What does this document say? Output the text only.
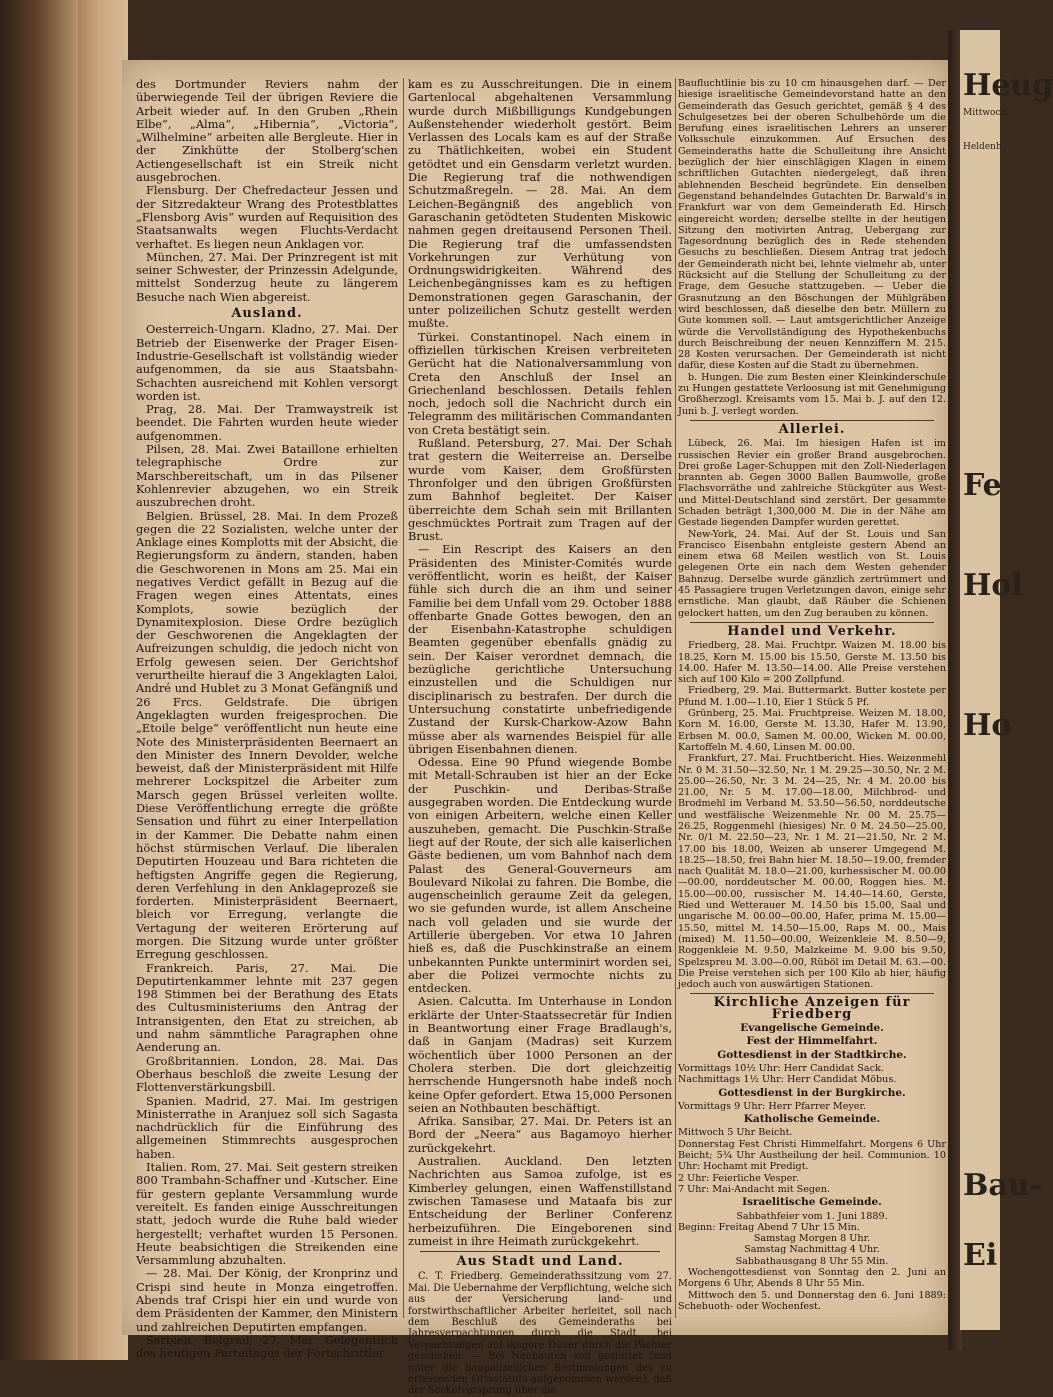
Heug
Mittwoch
Heldenh
Fe
Hol
Ho
Bau-
Ei

des Dortmunder Reviers nahm der überwiegende Teil der übrigen Reviere die Arbeit wieder auf. In den Gruben „Rhein Elbe“, „Alma“, „Hibernia“, „Victoria“, „Wilhelmine“ arbeiten alle Bergleute. Hier in der Zinkhütte der Stolberg'schen Actiengesellschaft ist ein Streik nicht ausgebrochen.

Flensburg. Der Chefredacteur Jessen und der Sitzredakteur Wrang des Protestblattes „Flensborg Avis“ wurden auf Requisition des Staatsanwalts wegen Fluchts-Verdacht verhaftet. Es liegen neun Anklagen vor.

München, 27. Mai. Der Prinzregent ist mit seiner Schwester, der Prinzessin Adelgunde, mittelst Sonderzug heute zu längerem Besuche nach Wien abgereist.

Ausland.

Oesterreich-Ungarn. Kladno, 27. Mai. Der Betrieb der Eisenwerke der Prager Eisen-Industrie-Gesellschaft ist vollständig wieder aufgenommen, da sie aus Staatsbahn-Schachten ausreichend mit Kohlen versorgt worden ist.

Prag, 28. Mai. Der Tramwaystreik ist beendet. Die Fahrten wurden heute wieder aufgenommen.

Pilsen, 28. Mai. Zwei Bataillone erhielten telegraphische Ordre zur Marschbereitschaft, um in das Pilsener Kohlenrevier abzugehen, wo ein Streik auszubrechen droht.

Belgien. Brüssel, 28. Mai. In dem Prozeß gegen die 22 Sozialisten, welche unter der Anklage eines Komplotts mit der Absicht, die Regierungsform zu ändern, standen, haben die Geschworenen in Mons am 25. Mai ein negatives Verdict gefällt in Bezug auf die Fragen wegen eines Attentats, eines Komplots, sowie bezüglich der Dynamitexplosion. Diese Ordre bezüglich der Geschworenen die Angeklagten der Aufreizungen schuldig, die jedoch nicht von Erfolg gewesen seien. Der Gerichtshof verurtheilte hierauf die 3 Angeklagten Laloi, André und Hublet zu 3 Monat Gefängniß und 26 Frcs. Geldstrafe. Die übrigen Angeklagten wurden freigesprochen. Die „Etoile belge“ veröffentlicht nun heute eine Note des Ministerpräsidenten Beernaert an den Minister des Innern Devolder, welche beweist, daß der Ministerpräsident mit Hilfe mehrerer Lockspitzel die Arbeiter zum Marsch gegen Brüssel verleiten wollte. Diese Veröffentlichung erregte die größte Sensation und führt zu einer Interpellation in der Kammer. Die Debatte nahm einen höchst stürmischen Verlauf. Die liberalen Deputirten Houzeau und Bara richteten die heftigsten Angriffe gegen die Regierung, deren Verfehlung in den Anklageprozeß sie forderten. Ministerpräsident Beernaert, bleich vor Erregung, verlangte die Vertagung der weiteren Erörterung auf morgen. Die Sitzung wurde unter größter Erregung geschlossen.

Frankreich. Paris, 27. Mai. Die Deputirtenkammer lehnte mit 237 gegen 198 Stimmen bei der Berathung des Etats des Cultusministeriums den Antrag der Intransigenten, den Etat zu streichen, ab und nahm sämmtliche Paragraphen ohne Aenderung an.

Großbritannien. London, 28. Mai. Das Oberhaus beschloß die zweite Lesung der Flottenverstärkungsbill.

Spanien. Madrid, 27. Mai. Im gestrigen Ministerrathe in Aranjuez soll sich Sagasta nachdrücklich für die Einführung des allgemeinen Stimmrechts ausgesprochen haben.

Italien. Rom, 27. Mai. Seit gestern streiken 800 Trambahn-Schaffner und -Kutscher. Eine für gestern geplante Versammlung wurde vereitelt. Es fanden einige Ausschreitungen statt, jedoch wurde die Ruhe bald wieder hergestellt; verhaftet wurden 15 Personen. Heute beabsichtigen die Streikenden eine Versammlung abzuhalten.

— 28. Mai. Der König, der Kronprinz und Crispi sind heute in Monza eingetroffen. Abends traf Crispi hier ein und wurde von dem Präsidenten der Kammer, den Ministern und zahlreichen Deputirten empfangen.

Serbien. Belgrad, 27. Mai. Gelegentlich des heutigen Parteitages der Fortschrittler

kam es zu Ausschreitungen. Die in einem Gartenlocal abgehaltenen Versammlung wurde durch Mißbilligungs Kundgebungen Außenstehender wiederholt gestört. Beim Verlassen des Locals kam es auf der Straße zu Thätlichkeiten, wobei ein Student getödtet und ein Gensdarm verletzt wurden. Die Regierung traf die nothwendigen Schutzmaßregeln. — 28. Mai. An dem Leichen-Begängniß des angeblich von Garaschanin getödteten Studenten Miskowic nahmen gegen dreitausend Personen Theil. Die Regierung traf die umfassendsten Vorkehrungen zur Verhütung von Ordnungswidrigkeiten. Während des Leichenbegängnisses kam es zu heftigen Demonstrationen gegen Garaschanin, der unter polizeilichen Schutz gestellt werden mußte.

Türkei. Constantinopel. Nach einem in offiziellen türkischen Kreisen verbreiteten Gerücht hat die Nationalversammlung von Creta den Anschluß der Insel an Griechenland beschlossen. Details fehlen noch, jedoch soll die Nachricht durch ein Telegramm des militärischen Commandanten von Creta bestätigt sein.

Rußland. Petersburg, 27. Mai. Der Schah trat gestern die Weiterreise an. Derselbe wurde vom Kaiser, dem Großfürsten Thronfolger und den übrigen Großfürsten zum Bahnhof begleitet. Der Kaiser überreichte dem Schah sein mit Brillanten geschmücktes Portrait zum Tragen auf der Brust.

— Ein Rescript des Kaisers an den Präsidenten des Minister-Comités wurde veröffentlicht, worin es heißt, der Kaiser fühle sich durch die an ihm und seiner Familie bei dem Unfall vom 29. October 1888 offenbarte Gnade Gottes bewogen, den an der Eisenbahn-Katastrophe schuldigen Beamten gegenüber ebenfalls gnädig zu sein. Der Kaiser verordnet demnach, die bezügliche gerichtliche Untersuchung einzustellen und die Schuldigen nur disciplinarisch zu bestrafen. Der durch die Untersuchung constatirte unbefriedigende Zustand der Kursk-Charkow-Azow Bahn müsse aber als warnendes Beispiel für alle übrigen Eisenbahnen dienen.

Odessa. Eine 90 Pfund wiegende Bombe mit Metall-Schrauben ist hier an der Ecke der Puschkin- und Deribas-Straße ausgegraben worden. Die Entdeckung wurde von einigen Arbeitern, welche einen Keller auszuheben, gemacht. Die Puschkin-Straße liegt auf der Route, der sich alle kaiserlichen Gäste bedienen, um vom Bahnhof nach dem Palast des General-Gouverneurs am Boulevard Nikolai zu fahren. Die Bombe, die augenscheinlich geraume Zeit da gelegen, wo sie gefunden wurde, ist allem Anscheine nach voll geladen und sie wurde der Artillerie übergeben. Vor etwa 10 Jahren hieß es, daß die Puschkinstraße an einem unbekannten Punkte unterminirt worden sei, aber die Polizei vermochte nichts zu entdecken.

Asien. Calcutta. Im Unterhause in London erklärte der Unter-Staatssecretär für Indien in Beantwortung einer Frage Bradlaugh's, daß in Ganjam (Madras) seit Kurzem wöchentlich über 1000 Personen an der Cholera sterben. Die dort gleichzeitig herrschende Hungersnoth habe indeß noch keine Opfer gefordert. Etwa 15,000 Personen seien an Nothbauten beschäftigt.

Afrika. Sansibar, 27. Mai. Dr. Peters ist an Bord der „Neera“ aus Bagamoyo hierher zurückgekehrt.

Australien. Auckland. Den letzten Nachrichten aus Samoa zufolge, ist es Kimberley gelungen, einen Waffenstillstand zwischen Tamasese und Mataafa bis zur Entscheidung der Berliner Conferenz herbeizuführen. Die Eingeborenen sind zumeist in ihre Heimath zurückgekehrt.

Aus Stadt und Land.

C. T. Friedberg. Gemeinderathssitzung vom 27. Mai. Die Uebernahme der Verpflichtung, welche sich aus der Versicherung land- und forstwirthschaftlicher Arbeiter herleitet, soll nach dem Beschluß des Gemeinderaths bei Jahresverpachtungen durch die Stadt, bei Verpachtungen auf längere Dauer durch die Pächter geschehen. — Bei Neubauten soll gestattet (und unter die baupolizeilichen Bestimmungen des zu erlassenden Ortsstatuts aufgenommen werden), daß der Sockelvorsprung über die

Baufluchtlinie bis zu 10 cm hinausgehen darf. — Der hiesige israelitische Gemeindevorstand hatte an den Gemeinderath das Gesuch gerichtet, gemäß § 4 des Schulgesetzes bei der oberen Schulbehörde um die Berufung eines israelitischen Lehrers an unserer Volksschule einzukommen. Auf Ersuchen des Gemeinderaths hatte die Schulleitung ihre Ansicht bezüglich der hier einschlägigen Klagen in einem schriftlichen Gutachten niedergelegt, daß ihren ablehnenden Bescheid begründete. Ein denselben Gegenstand behandelndes Gutachten Dr. Barwald's in Frankfurt war von dem Gemeinderath Ed. Hirsch eingereicht worden; derselbe stellte in der heutigen Sitzung den motivirten Antrag, Uebergang zur Tagesordnung bezüglich des in Rede stehenden Gesuchs zu beschließen. Diesem Antrag trat jedoch der Gemeinderath nicht bei, lehnte vielmehr ab, unter Rücksicht auf die Stellung der Schulleitung zu der Frage, dem Gesuche stattzugeben. — Ueber die Grasnutzung an den Böschungen der Mühlgräben wird beschlossen, daß dieselbe den betr. Müllern zu Gute kommen soll. — Laut amtsgerichtlicher Anzeige würde die Vervollständigung des Hypothekenbuchs durch Beischreibung der neuen Kennziffern M. 215. 28 Kosten verursachen. Der Gemeinderath ist nicht dafür, diese Kosten auf die Stadt zu übernehmen.

b. Hungen. Die zum Besten einer Kleinkinderschule zu Hungen gestattete Verloosung ist mit Genehmigung Großherzogl. Kreisamts vom 15. Mai b. J. auf den 12. Juni b. J. verlegt worden.

Allerlei.

Lübeck, 26. Mai. Im hiesigen Hafen ist im russischen Revier ein großer Brand ausgebrochen. Drei große Lager-Schuppen mit den Zoll-Niederlagen brannten ab. Gegen 3000 Ballen Baumwolle, große Flachsvorräthe und zahlreiche Stückgüter aus West- und Mittel-Deutschland sind zerstört. Der gesammte Schaden beträgt 1,300,000 M. Die in der Nähe am Gestade liegenden Dampfer wurden gerettet.

New-York, 24. Mai. Auf der St. Louis und San Francisco Eisenbahn entgleiste gestern Abend an einem etwa 68 Meilen westlich von St. Louis gelegenen Orte ein nach dem Westen gehender Bahnzug. Derselbe wurde gänzlich zertrümmert und 45 Passagiere trugen Verletzungen davon, einige sehr ernstliche. Man glaubt, daß Räuber die Schienen gelockert hatten, um den Zug berauben zu können.

Handel und Verkehr.

Friedberg, 28. Mai. Fruchtpr. Waizen M. 18.00 bis 18.25, Korn M. 15.00 bis 15.50, Gerste M. 13.50 bis 14.00. Hafer M. 13.50—14.00. Alle Preise verstehen sich auf 100 Kilo = 200 Zollpfund.

Friedberg, 29. Mai. Buttermarkt. Butter kostete per Pfund M. 1.00—1.10, Eier 1 Stück 5 Pf.

Grünberg, 25. Mai. Fruchtpreise. Weizen M. 18.00, Korn M. 16.00, Gerste M. 13.30, Hafer M. 13.90, Erbsen M. 00.0, Samen M. 00.00, Wicken M. 00.00, Kartoffeln M. 4.60, Linsen M. 00.00.

Frankfurt, 27. Mai. Fruchtbericht. Hies. Weizenmehl Nr. 0 M. 31.50—32.50, Nr. 1 M. 29.25—30.50, Nr. 2 M. 25.00—26.50, Nr. 3 M. 24—25, Nr. 4 M. 20.00 bis 21.00, Nr. 5 M. 17.00—18.00, Milchbrod- und Brodmehl im Verband M. 53.50—56.50, norddeutsche und westfälische Weizenmehle Nr. 00 M. 25.75—26.25, Roggenmehl (hiesiges) Nr. 0 M. 24.50—25.00, Nr. 0/1 M. 22.50—23, Nr. 1 M. 21—21.50, Nr. 2 M. 17.00 bis 18.00, Weizen ab unserer Umgegend M. 18.25—18.50, frei Bahn hier M. 18.50—19.00, fremder nach Qualität M. 18.0—21.00, kurhessischer M. 00.00—00.00, norddeutscher M. 00.00, Roggen hies. M. 15.00—00.00, russischer M. 14.40—14.60, Gerste, Ried und Wetterauer M. 14.50 bis 15.00, Saal und ungarische M. 00.00—00.00, Hafer, prima M. 15.00—15.50, mittel M. 14.50—15.00, Raps M. 00., Mais (mixed) M. 11.50—00.00, Weizenkleie M. 8.50—9, Roggenkleie M. 9.50, Malzkeime M. 9.00 bis 9.50, Spelzspreu M. 3.00—0.00, Rüböl im Detail M. 63.—00. Die Preise verstehen sich per 100 Kilo ab hier, häufig jedoch auch von auswärtigen Stationen.

Kirchliche Anzeigen für Friedberg
Evangelische Gemeinde.
Fest der Himmelfahrt.
Gottesdienst in der Stadtkirche.

Vormittags 10½ Uhr: Herr Candidat Sack.

Nachmittags 1½ Uhr: Herr Candidat Möbus.

Gottesdienst in der Burgkirche.

Vormittags 9 Uhr: Herr Pfarrer Meyer.

Katholische Gemeinde.

Mittwoch 5 Uhr Beicht.

Donnerstag Fest Christi Himmelfahrt. Morgens 6 Uhr Beicht; 5¾ Uhr Austheilung der heil. Communion. 10 Uhr: Hochamt mit Predigt.

2 Uhr: Feierliche Vesper.

7 Uhr: Mai-Andacht mit Segen.

Israelitische Gemeinde.

Sabbathfeier vom 1. Juni 1889.

Beginn: Freitag Abend 7 Uhr 15 Min.

Samstag Morgen 8 Uhr.

Samstag Nachmittag 4 Uhr.

Sabbathausgang 8 Uhr 55 Min.

Wochengottesdienst von Sonntag den 2. Juni an Morgens 6 Uhr, Abends 8 Uhr 55 Min.

Mittwoch den 5. und Donnerstag den 6. Juni 1889: Schebuoth- oder Wochenfest.
